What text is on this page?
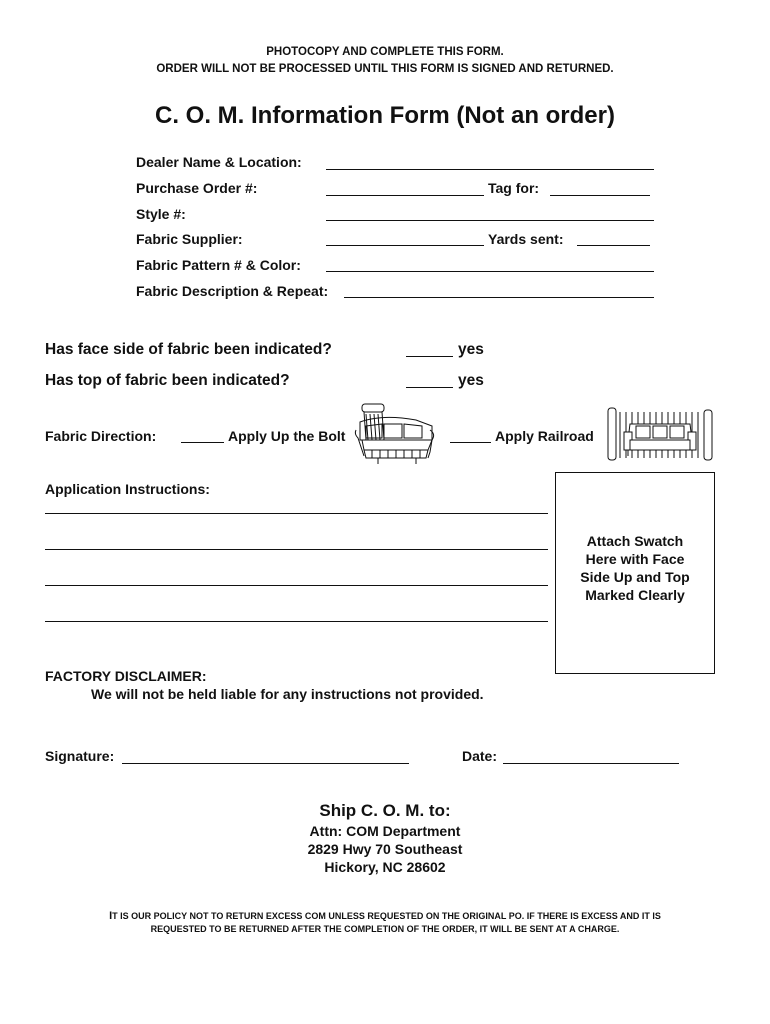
PHOTOCOPY AND COMPLETE THIS FORM.
ORDER WILL NOT BE PROCESSED UNTIL THIS FORM IS SIGNED AND RETURNED.
C. O. M. Information Form (Not an order)
Dealer Name & Location:
Purchase Order #:	Tag for:
Style #:
Fabric Supplier:	Yards sent:
Fabric Pattern # & Color:
Fabric Description & Repeat:
Has face side of fabric been indicated?	yes
Has top of fabric been indicated?	yes
Fabric Direction:	Apply Up the Bolt	Apply Railroad
Application Instructions:
Attach Swatch
Here with Face
Side Up and Top
Marked Clearly
FACTORY DISCLAIMER:
We will not be held liable for any instructions not provided.
Signature:	Date:
Ship C. O. M. to:
Attn: COM Department
2829 Hwy 70 Southeast
Hickory, NC 28602
IT IS OUR POLICY NOT TO RETURN EXCESS COM UNLESS REQUESTED ON THE ORIGINAL PO. IF THERE IS EXCESS AND IT IS
REQUESTED TO BE RETURNED AFTER THE COMPLETION OF THE ORDER, IT WILL BE SENT AT A CHARGE.
